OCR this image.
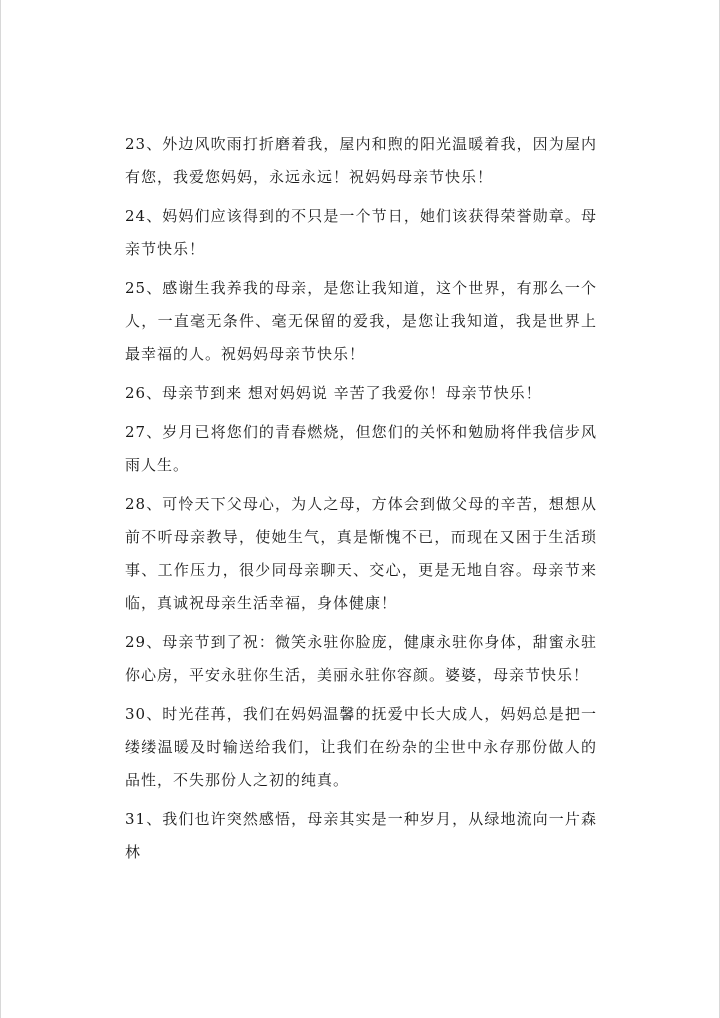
23、外边风吹雨打折磨着我，屋内和煦的阳光温暖着我，因为屋内有您，我爱您妈妈，永远永远！祝妈妈母亲节快乐！

24、妈妈们应该得到的不只是一个节日，她们该获得荣誉勋章。母亲节快乐！

25、感谢生我养我的母亲，是您让我知道，这个世界，有那么一个人，一直毫无条件、毫无保留的爱我，是您让我知道，我是世界上最幸福的人。祝妈妈母亲节快乐！

26、母亲节到来 想对妈妈说 辛苦了我爱你！母亲节快乐！

27、岁月已将您们的青春燃烧，但您们的关怀和勉励将伴我信步风雨人生。

28、可怜天下父母心，为人之母，方体会到做父母的辛苦，想想从前不听母亲教导，使她生气，真是惭愧不已，而现在又困于生活琐事、工作压力，很少同母亲聊天、交心，更是无地自容。母亲节来临，真诚祝母亲生活幸福，身体健康！

29、母亲节到了祝：微笑永驻你脸庞，健康永驻你身体，甜蜜永驻你心房，平安永驻你生活，美丽永驻你容颜。婆婆，母亲节快乐！

30、时光荏苒，我们在妈妈温馨的抚爱中长大成人，妈妈总是把一缕缕温暖及时输送给我们，让我们在纷杂的尘世中永存那份做人的品性，不失那份人之初的纯真。

31、我们也许突然感悟，母亲其实是一种岁月，从绿地流向一片森林
